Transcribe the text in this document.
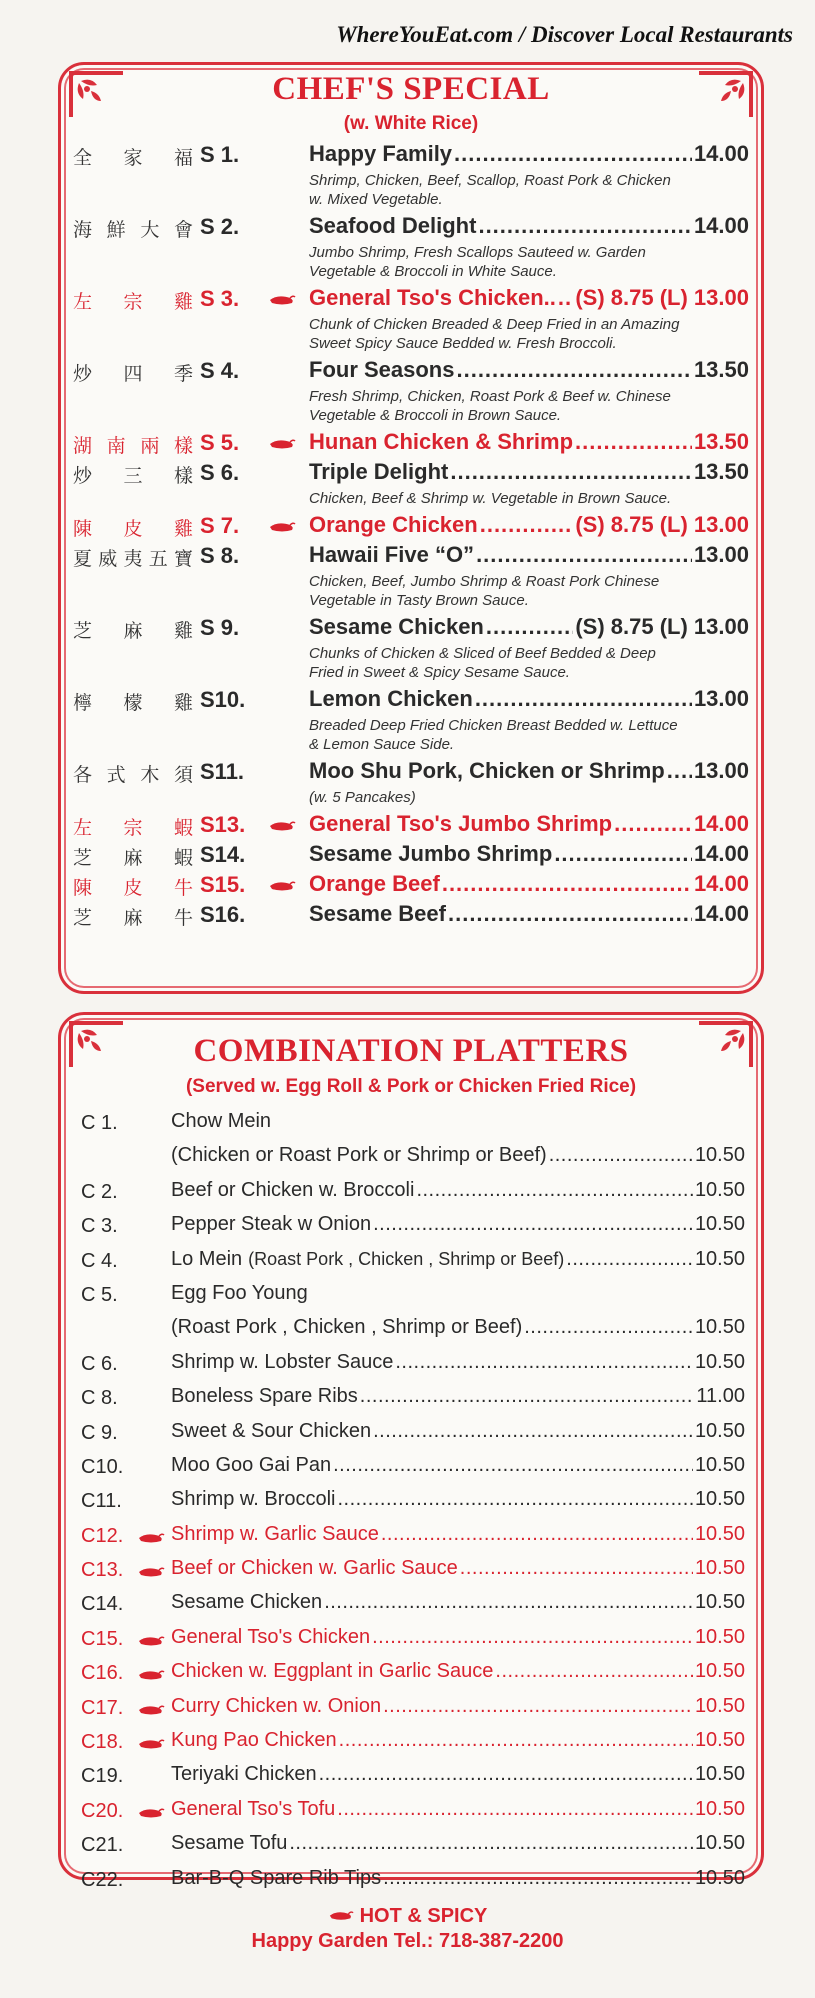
WhereYouEat.com / Discover Local Restaurants
CHEF'S SPECIAL
(w. White Rice)
全 家 福 S 1.	Happy Family .....	14.00
Shrimp, Chicken, Beef, Scallop, Roast Pork & Chicken w. Mixed Vegetable.
海 鮮 大 會 S 2.	Seafood Delight .....	14.00
Jumbo Shrimp, Fresh Scallops Sauteed w. Garden Vegetable & Broccoli in White Sauce.
左 宗 雞 S 3.	General Tso's Chicken.. ..... (S) 8.75 (L) 13.00
Chunk of Chicken Breaded & Deep Fried in an Amazing Sweet Spicy Sauce Bedded w. Fresh Broccoli.
炒 四 季 S 4.	Four Seasons .....	13.50
Fresh Shrimp, Chicken, Roast Pork & Beef w. Chinese Vegetable & Broccoli in Brown Sauce.
湖 南 兩 樣 S 5.	Hunan Chicken & Shrimp .....	13.50
炒 三 樣 S 6.	Triple Delight .....	13.50
Chicken, Beef & Shrimp w. Vegetable in Brown Sauce.
陳 皮 雞 S 7.	Orange Chicken .....	(S) 8.75 (L) 13.00
夏 威 夷 五 寶 S 8.	Hawaii Five “O” .....	13.00
Chicken, Beef, Jumbo Shrimp & Roast Pork Chinese Vegetable in Tasty Brown Sauce.
芝 麻 雞 S 9.	Sesame Chicken .....	(S) 8.75 (L) 13.00
Chunks of Chicken & Sliced of Beef Bedded & Deep Fried in Sweet & Spicy Sesame Sauce.
檸 檬 雞 S10.	Lemon Chicken .....	13.00
Breaded Deep Fried Chicken Breast Bedded w. Lettuce & Lemon Sauce Side.
各 式 木 須 S11.	Moo Shu Pork, Chicken or Shrimp ..... 13.00
(w. 5 Pancakes)
左 宗 蝦 S13.	General Tso's Jumbo Shrimp .....	14.00
芝 麻 蝦 S14.	Sesame Jumbo Shrimp .....	14.00
陳 皮 牛 S15.	Orange Beef .....	14.00
芝 麻 牛 S16.	Sesame Beef .....	14.00
COMBINATION PLATTERS
(Served w. Egg Roll & Pork or Chicken Fried Rice)
C 1.	Chow Mein
(Chicken or Roast Pork or Shrimp or Beef) .....	10.50
C 2.	Beef or Chicken w. Broccoli .....	10.50
C 3.	Pepper Steak w Onion .....	10.50
C 4.	Lo Mein (Roast Pork , Chicken , Shrimp or Beef) .....	10.50
C 5.	Egg Foo Young
(Roast Pork , Chicken , Shrimp or Beef) .....	10.50
C 6.	Shrimp w. Lobster Sauce .....	10.50
C 8.	Boneless Spare Ribs .....	11.00
C 9.	Sweet & Sour Chicken .....	10.50
C10. Moo Goo Gai Pan .....	10.50
C11. Shrimp w. Broccoli .....	10.50
C12. Shrimp w. Garlic Sauce .....	10.50
C13. Beef or Chicken w. Garlic Sauce .....	10.50
C14. Sesame Chicken .....	10.50
C15. General Tso's Chicken .....	10.50
C16. Chicken w. Eggplant in Garlic Sauce .....	10.50
C17. Curry Chicken w. Onion .....	10.50
C18. Kung Pao Chicken .....	10.50
C19. Teriyaki Chicken .....	10.50
C20. General Tso's Tofu .....	10.50
C21. Sesame Tofu .....	10.50
C22. Bar-B-Q Spare Rib Tips .....	10.50
HOT & SPICY
Happy Garden Tel.: 718-387-2200
